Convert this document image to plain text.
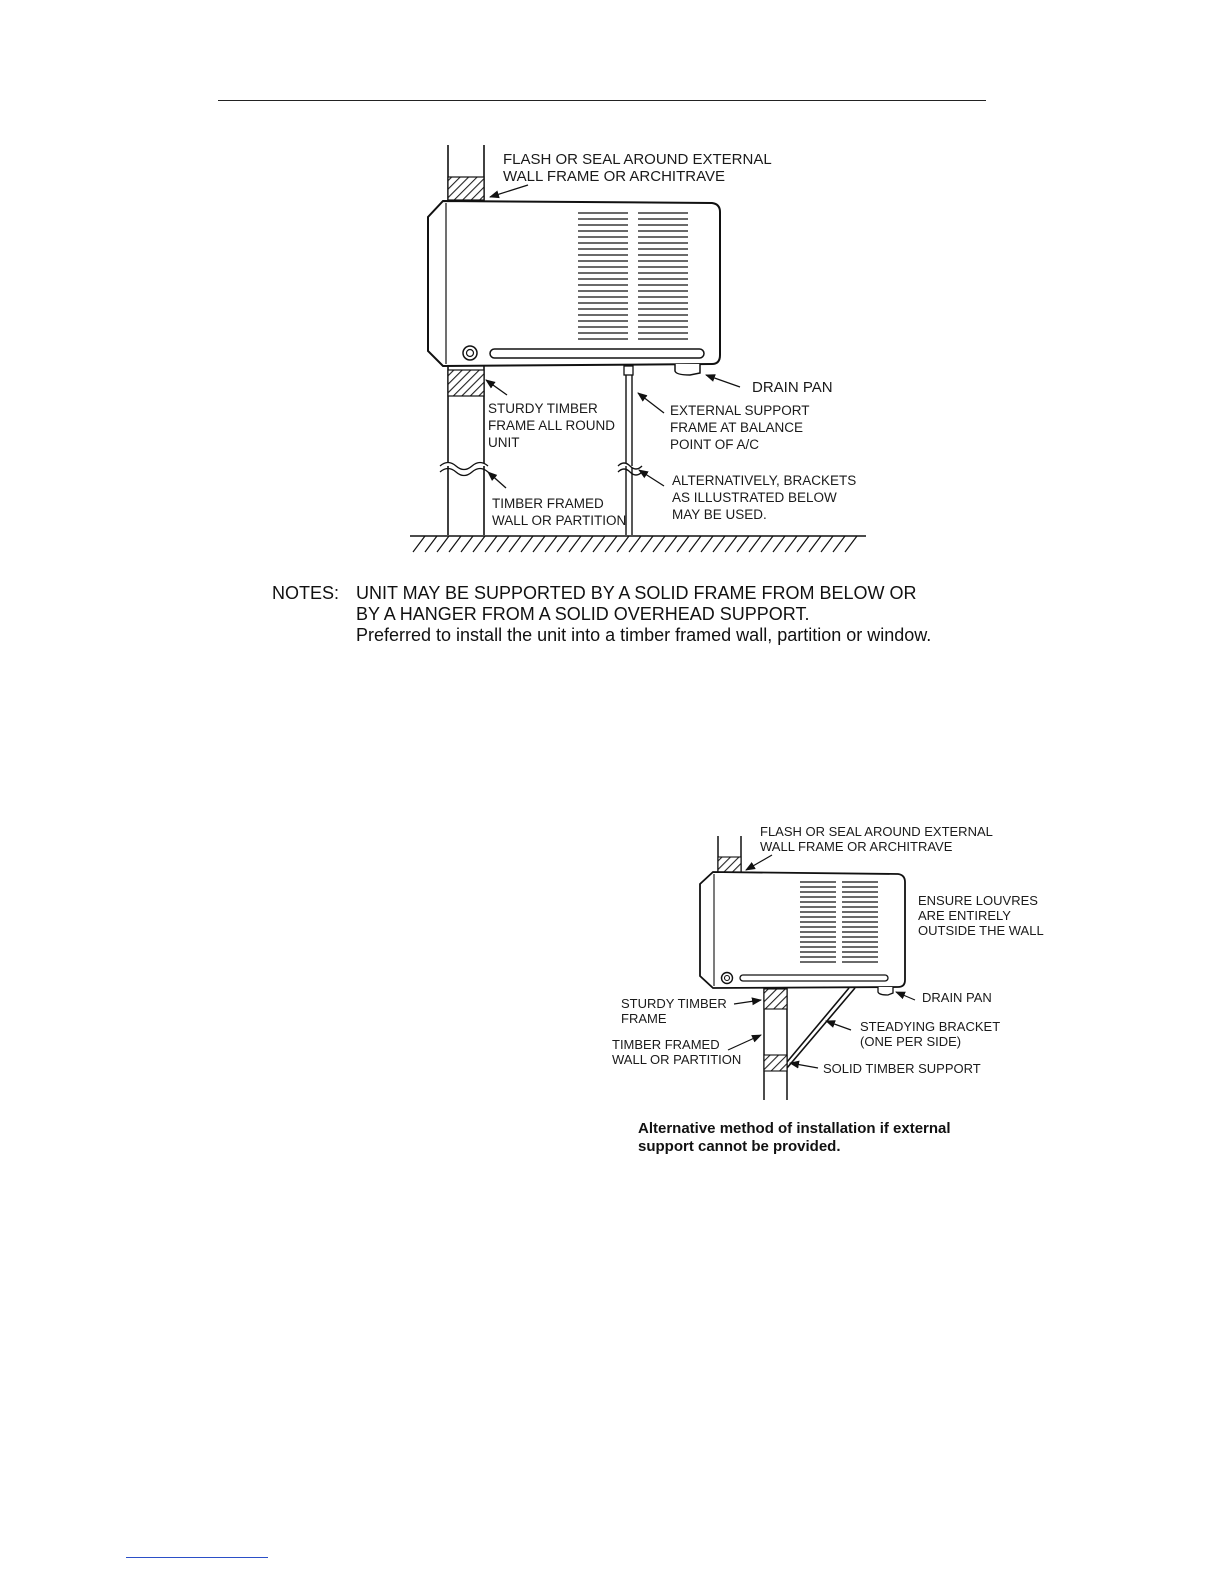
FLASH OR SEAL AROUND EXTERNAL
WALL FRAME OR ARCHITRAVE
DRAIN PAN
STURDY TIMBER
FRAME ALL ROUND
UNIT
EXTERNAL SUPPORT
FRAME AT BALANCE
POINT OF A/C
ALTERNATIVELY, BRACKETS
AS ILLUSTRATED BELOW
MAY BE USED.
TIMBER FRAMED
WALL OR PARTITION
FLASH OR SEAL AROUND EXTERNAL
WALL FRAME OR ARCHITRAVE
ENSURE LOUVRES
ARE ENTIRELY
OUTSIDE THE WALL
DRAIN PAN
STURDY TIMBER
FRAME
STEADYING BRACKET
(ONE PER SIDE)
TIMBER FRAMED
WALL OR PARTITION
SOLID TIMBER SUPPORT
NOTES: UNIT MAY BE SUPPORTED BY A SOLID FRAME FROM BELOW OR
BY A HANGER FROM A SOLID OVERHEAD SUPPORT.
Preferred to install the unit into a timber framed wall, partition or window.
Alternative method of installation if external
support cannot be provided.
